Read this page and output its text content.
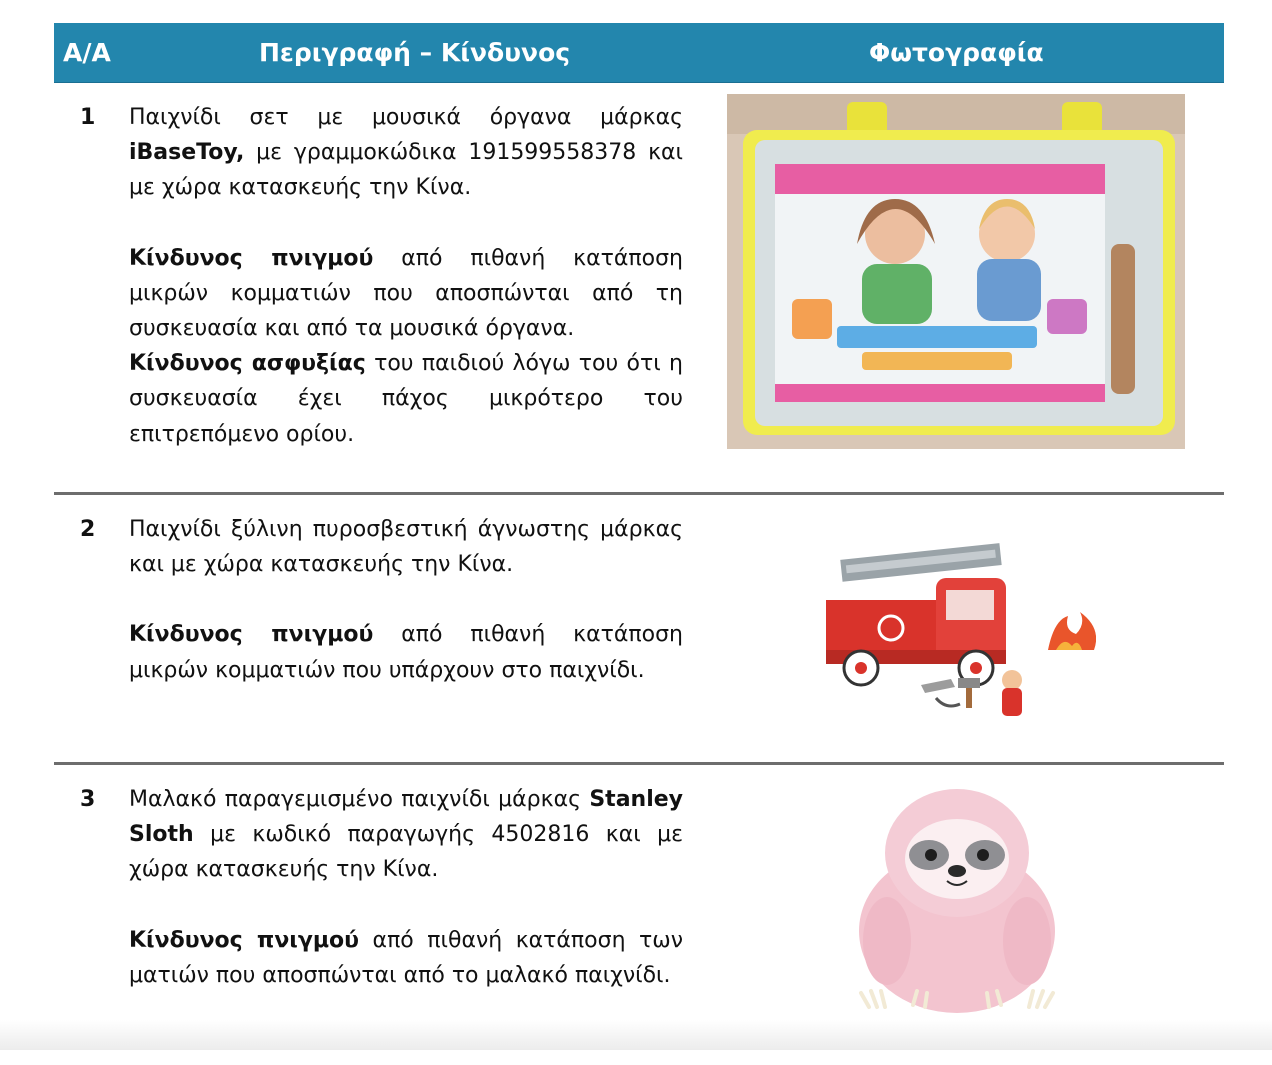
Α/Α	Περιγραφή – Κίνδυνος	Φωτογραφία
1 Παιχνίδι σετ με μουσικά όργανα μάρκας iBaseToy, με γραμμοκώδικα 191599558378 και με χώρα κατασκευής την Κίνα.

Κίνδυνος πνιγμού από πιθανή κατάποση μικρών κομματιών που αποσπώνται από τη συσκευασία και από τα μουσικά όργανα.

Κίνδυνος ασφυξίας του παιδιού λόγω του ότι η συσκευασία έχει πάχος μικρότερο του επιτρεπόμενο ορίου.

2 Παιχνίδι ξύλινη πυροσβεστική άγνωστης μάρκας και με χώρα κατασκευής την Κίνα.

Κίνδυνος πνιγμού από πιθανή κατάποση μικρών κομματιών που υπάρχουν στο παιχνίδι.

3 Μαλακό παραγεμισμένο παιχνίδι μάρκας Stanley Sloth με κωδικό παραγωγής 4502816 και με χώρα κατασκευής την Κίνα.

Κίνδυνος πνιγμού από πιθανή κατάποση των ματιών που αποσπώνται από το μαλακό παιχνίδι.
